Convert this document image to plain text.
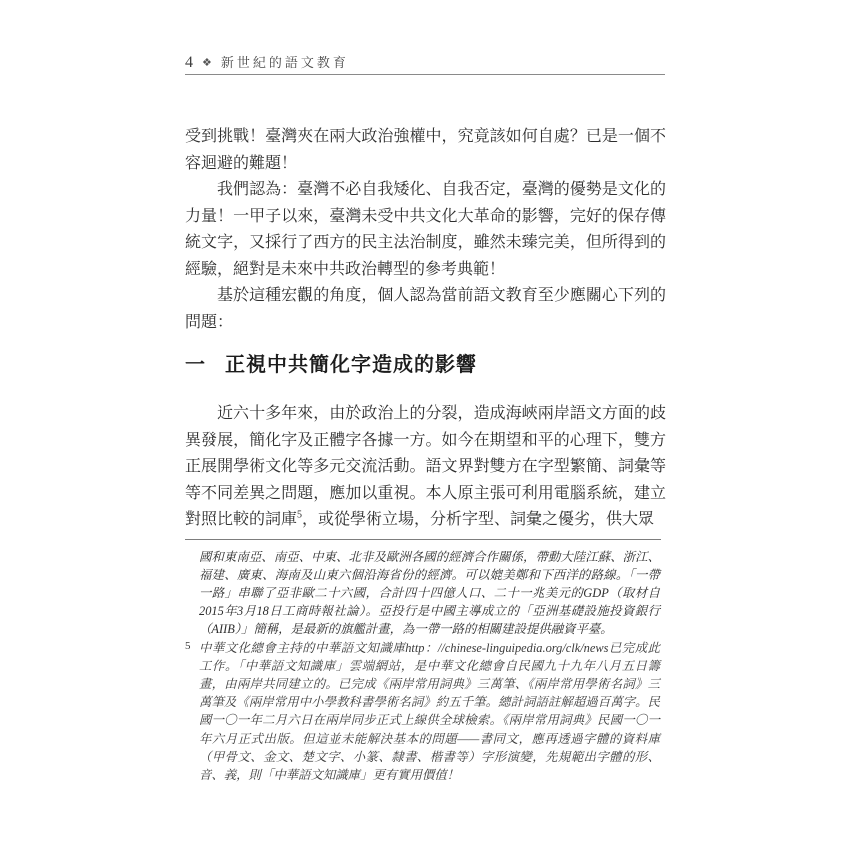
4 ❖ 新世紀的語文教育

受到挑戰！臺灣夾在兩大政治強權中，究竟該如何自處？已是一個不容迴避的難題！

我們認為：臺灣不必自我矮化、自我否定，臺灣的優勢是文化的力量！一甲子以來，臺灣未受中共文化大革命的影響，完好的保存傳統文字，又採行了西方的民主法治制度，雖然未臻完美，但所得到的經驗，絕對是未來中共政治轉型的參考典範！

基於這種宏觀的角度，個人認為當前語文教育至少應關心下列的問題：

一 正視中共簡化字造成的影響

近六十多年來，由於政治上的分裂，造成海峽兩岸語文方面的歧異發展，簡化字及正體字各據一方。如今在期望和平的心理下，雙方正展開學術文化等多元交流活動。語文界對雙方在字型繁簡、詞彙等等不同差異之問題，應加以重視。本人原主張可利用電腦系統，建立對照比較的詞庫$^5$，或從學術立場，分析字型、詞彙之優劣，供大眾

國和東南亞、南亞、中東、北非及歐洲各國的經濟合作關係，帶動大陸江蘇、浙江、福建、廣東、海南及山東六個沿海省份的經濟。可以媲美鄭和下西洋的路線。「一帶一路」串聯了亞非歐二十六國，合計四十四億人口、二十一兆美元的GDP（取材自2015年3月18日工商時報社論）。亞投行是中國主導成立的「亞洲基礎設施投資銀行（AIIB）」簡稱，是最新的旗艦計畫，為一帶一路的相關建設提供融資平臺。

5 中華文化總會主持的中華語文知識庫http：//chinese-linguipedia.org/clk/news已完成此工作。「中華語文知識庫」雲端網站，是中華文化總會自民國九十九年八月五日籌畫，由兩岸共同建立的。已完成《兩岸常用詞典》三萬筆、《兩岸常用學術名詞》三萬筆及《兩岸常用中小學教科書學術名詞》約五千筆。總計詞語註解超過百萬字。民國一〇一年二月六日在兩岸同步正式上線供全球檢索。《兩岸常用詞典》民國一〇一年六月正式出版。但這並未能解決基本的問題——書同文，應再透過字體的資料庫（甲骨文、金文、楚文字、小篆、隸書、楷書等）字形演變，先規範出字體的形、音、義，則「中華語文知識庫」更有實用價值！
